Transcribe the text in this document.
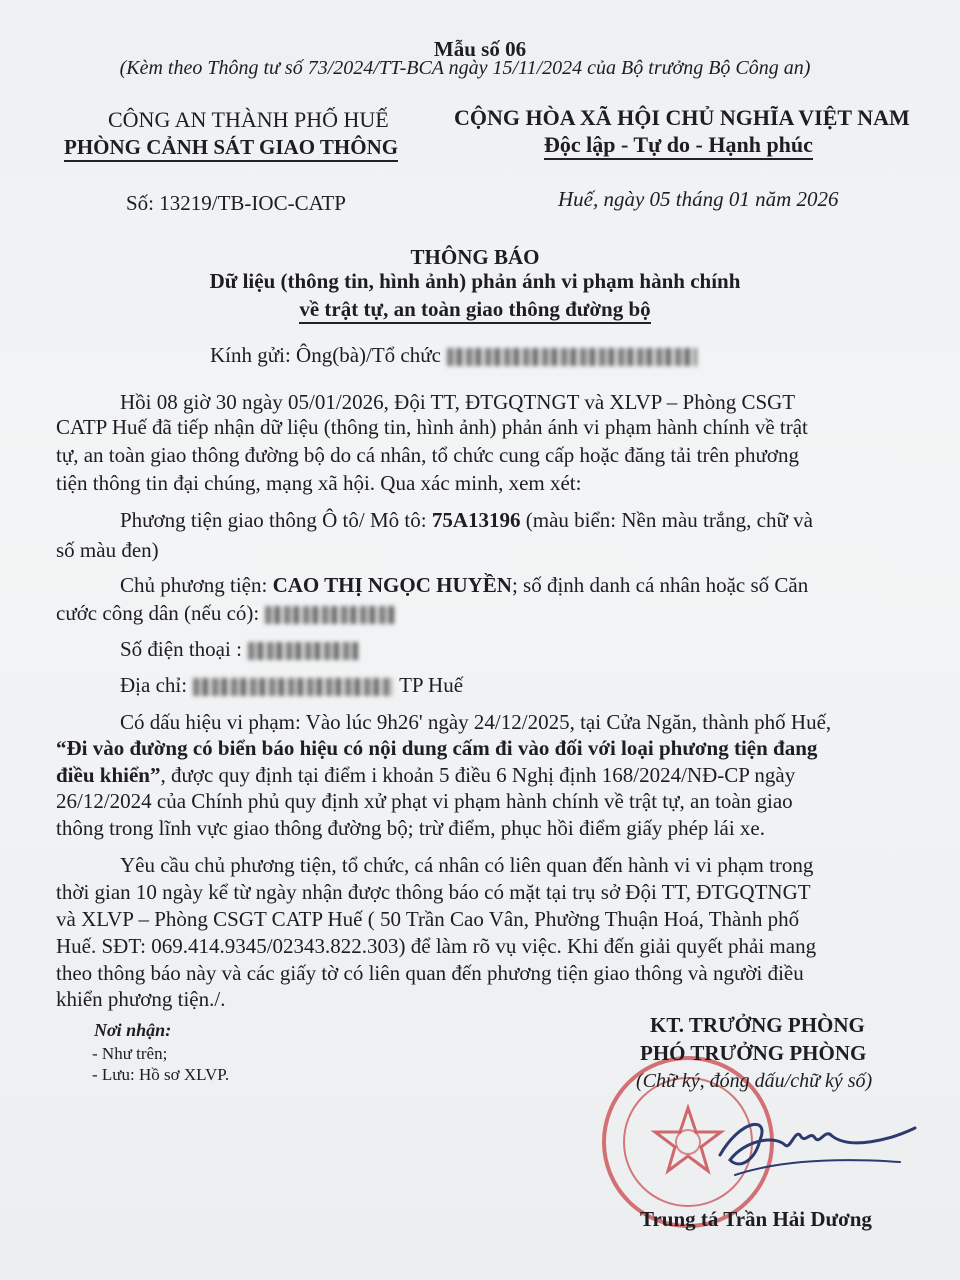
Mẫu số 06
(Kèm theo Thông tư số 73/2024/TT-BCA ngày 15/11/2024 của Bộ trưởng Bộ Công an)
CÔNG AN THÀNH PHỐ HUẾ
PHÒNG CẢNH SÁT GIAO THÔNG
CỘNG HÒA XÃ HỘI CHỦ NGHĨA VIỆT NAM
Độc lập - Tự do - Hạnh phúc
Số: 13219/TB-IOC-CATP	Huế, ngày 05 tháng 01 năm 2026
THÔNG BÁO
Dữ liệu (thông tin, hình ảnh) phản ánh vi phạm hành chính
về trật tự, an toàn giao thông đường bộ
Kính gửi: Ông(bà)/Tổ chức
Hồi 08 giờ 30 ngày 05/01/2026, Đội TT, ĐTGQTNGT và XLVP – Phòng CSGT
CATP Huế đã tiếp nhận dữ liệu (thông tin, hình ảnh) phản ánh vi phạm hành chính về trật
tự, an toàn giao thông đường bộ do cá nhân, tổ chức cung cấp hoặc đăng tải trên phương
tiện thông tin đại chúng, mạng xã hội. Qua xác minh, xem xét:
Phương tiện giao thông Ô tô/ Mô tô: 75A13196 (màu biển: Nền màu trắng, chữ và
số màu đen)
Chủ phương tiện: CAO THỊ NGỌC HUYỀN; số định danh cá nhân hoặc số Căn
cước công dân (nếu có):
Số điện thoại :
Địa chỉ:	TP Huế
Có dấu hiệu vi phạm: Vào lúc 9h26' ngày 24/12/2025, tại Cửa Ngăn, thành phố Huế,
“Đi vào đường có biển báo hiệu có nội dung cấm đi vào đối với loại phương tiện đang
điều khiển”, được quy định tại điểm i khoản 5 điều 6 Nghị định 168/2024/NĐ-CP ngày
26/12/2024 của Chính phủ quy định xử phạt vi phạm hành chính về trật tự, an toàn giao
thông trong lĩnh vực giao thông đường bộ; trừ điểm, phục hồi điểm giấy phép lái xe.
Yêu cầu chủ phương tiện, tổ chức, cá nhân có liên quan đến hành vi vi phạm trong
thời gian 10 ngày kể từ ngày nhận được thông báo có mặt tại trụ sở Đội TT, ĐTGQTNGT
và XLVP – Phòng CSGT CATP Huế ( 50 Trần Cao Vân, Phường Thuận Hoá, Thành phố
Huế. SĐT: 069.414.9345/02343.822.303) để làm rõ vụ việc. Khi đến giải quyết phải mang
theo thông báo này và các giấy tờ có liên quan đến phương tiện giao thông và người điều
khiển phương tiện./.
Nơi nhận:
- Như trên;
- Lưu: Hồ sơ XLVP.
KT. TRƯỞNG PHÒNG
PHÓ TRƯỞNG PHÒNG
(Chữ ký, đóng dấu/chữ ký số)
Trung tá Trần Hải Dương
